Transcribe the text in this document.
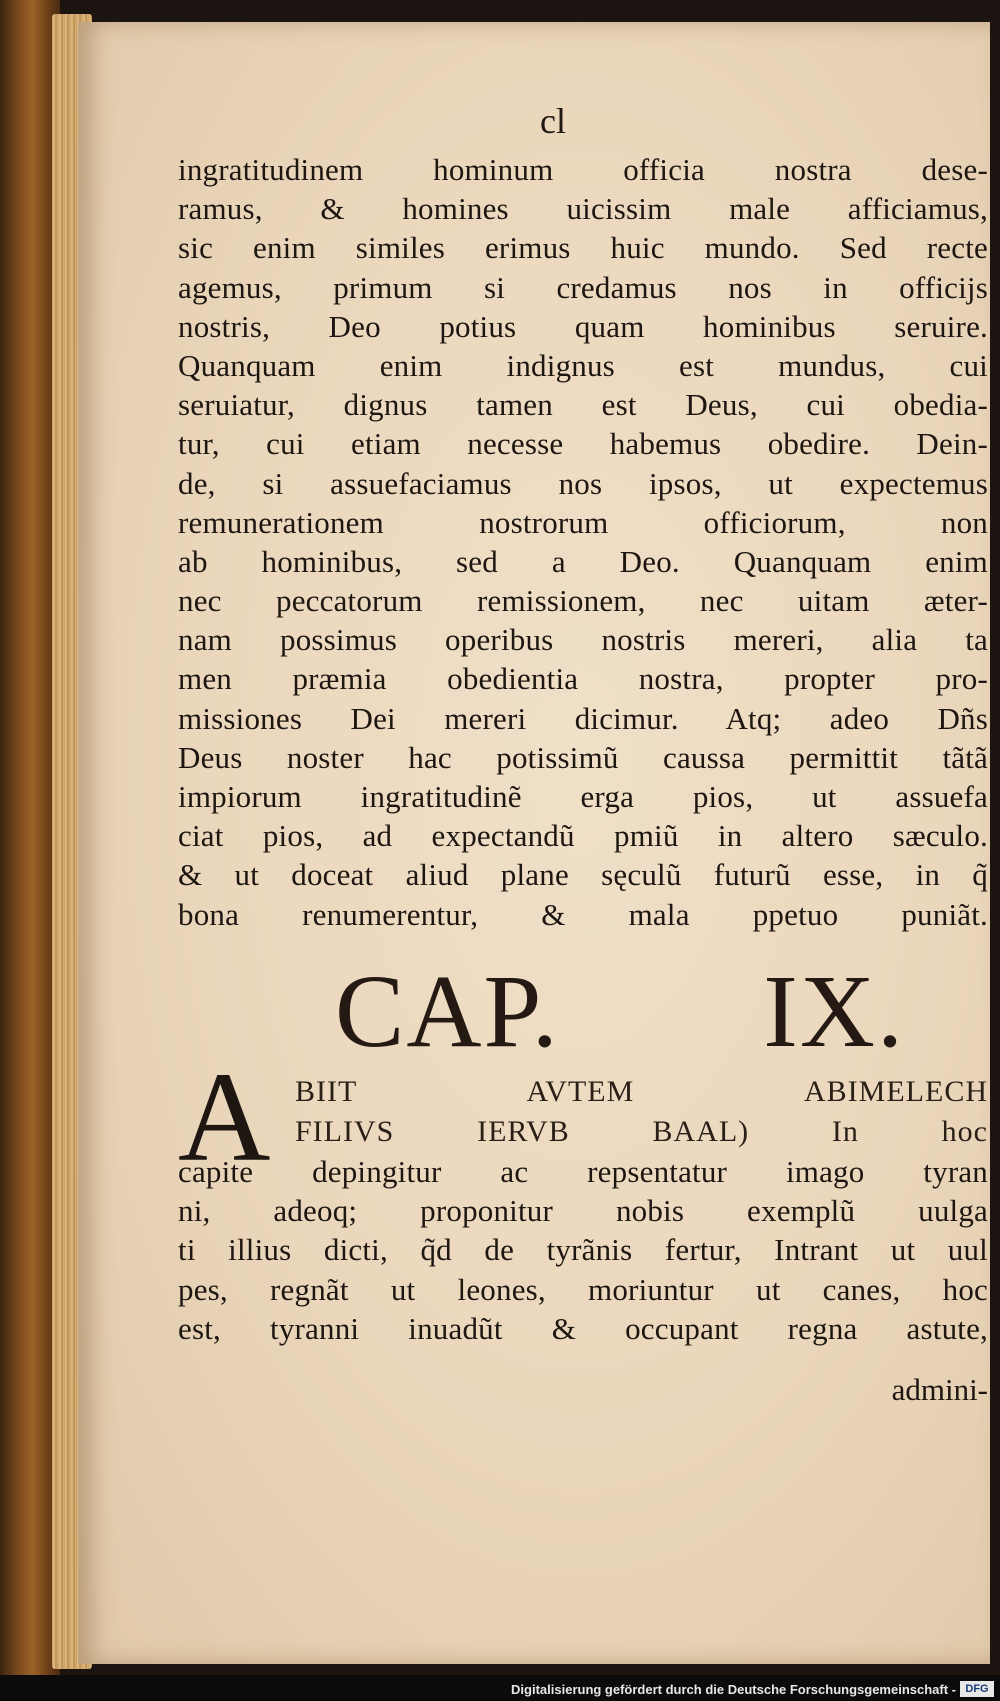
cl
ingratitudinem hominum officia nostra dese-
ramus, & homines uicissim male afficiamus,
sic enim similes erimus huic mundo. Sed recte
agemus, primum si credamus nos in officijs
nostris, Deo potius quam hominibus seruire.
Quanquam enim indignus est mundus, cui
seruiatur, dignus tamen est Deus, cui obedia-
tur, cui etiam necesse habemus obedire. Dein-
de, si assuefaciamus nos ipsos, ut expectemus
remunerationem nostrorum officiorum, non
ab hominibus, sed a Deo. Quanquam enim
nec peccatorum remissionem, nec uitam æter-
nam possimus operibus nostris mereri, alia ta
men præmia obedientia nostra, propter pro-
missiones Dei mereri dicimur. Atq; adeo Dñs
Deus noster hac potissimũ caussa permittit tãtã
impiorum ingratitudinẽ erga pios, ut assuefa
ciat pios, ad expectandũ pmiũ in altero sæculo.
& ut doceat aliud plane sęculũ futurũ esse, in q̃
bona renumerentur, & mala ppetuo puniãt.
CAP. IX.
A BIIT AVTEM ABIMELECH
FILIVS IERVB BAAL) In hoc
capite depingitur ac repsentatur imago tyran
ni, adeoq; proponitur nobis exemplũ uulga
ti illius dicti, q̃d de tyrãnis fertur, Intrant ut uul
pes, regnãt ut leones, moriuntur ut canes, hoc
est, tyranni inuadũt & occupant regna astute,
admini-
Digitalisierung gefördert durch die Deutsche Forschungsgemeinschaft - DFG
